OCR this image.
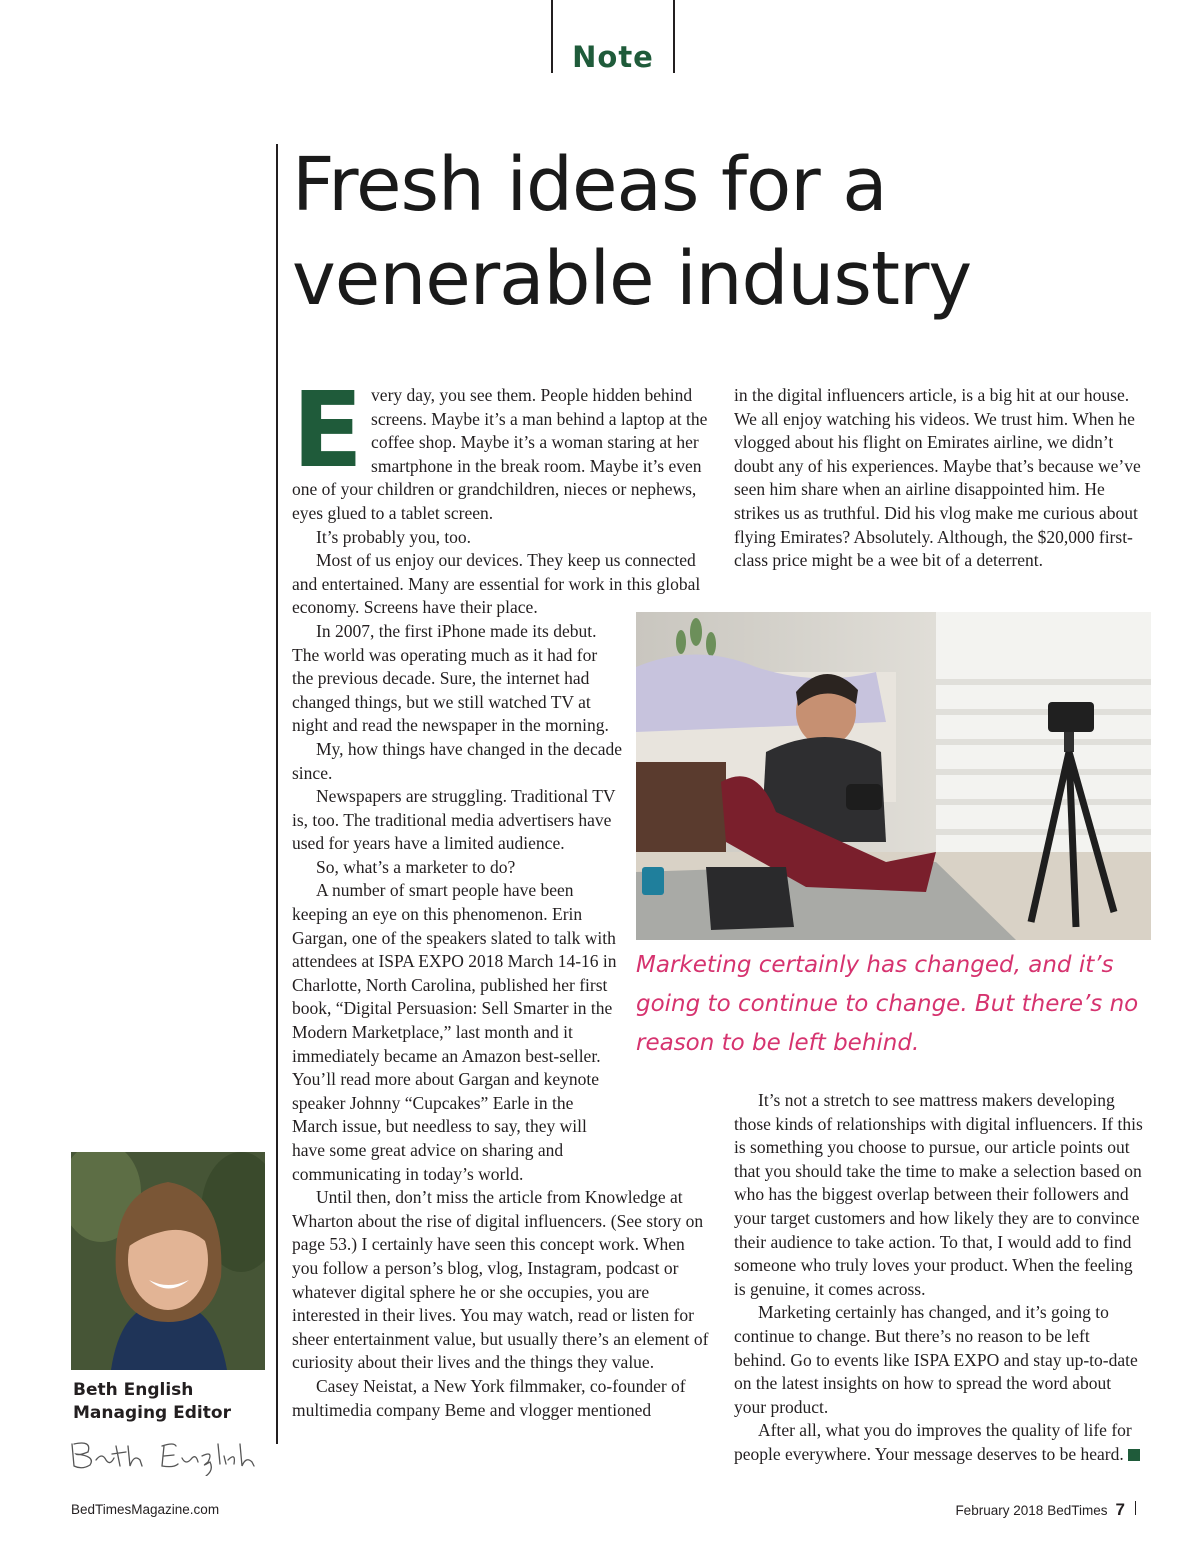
Note
Fresh ideas for a venerable industry

Every day, you see them. People hidden behind screens. Maybe it’s a man behind a laptop at the coffee shop. Maybe it’s a woman staring at her smartphone in the break room. Maybe it’s even one of your children or grandchildren, nieces or nephews, eyes glued to a tablet screen.

It’s probably you, too.

Most of us enjoy our devices. They keep us connected and entertained. Many are essential for work in this global economy. Screens have their place.

In 2007, the first iPhone made its debut. The world was operating much as it had for the previous decade. Sure, the internet had changed things, but we still watched TV at night and read the newspaper in the morning.

My, how things have changed in the decade since.

Newspapers are struggling. Traditional TV is, too. The traditional media advertisers have used for years have a limited audience.

So, what’s a marketer to do?

A number of smart people have been keeping an eye on this phenomenon. Erin Gargan, one of the speakers slated to talk with attendees at ISPA EXPO 2018 March 14-16 in Charlotte, North Carolina, published her first book, “Digital Persuasion: Sell Smarter in the Modern Marketplace,” last month and it immediately became an Amazon best-seller. You’ll read more about Gargan and keynote speaker Johnny “Cupcakes” Earle in the March issue, but needless to say, they will have some great advice on sharing and communicating in today’s world.

Until then, don’t miss the article from Knowledge at Wharton about the rise of digital influencers. (See story on page 53.) I certainly have seen this concept work. When you follow a person’s blog, vlog, Instagram, podcast or whatever digital sphere he or she occupies, you are interested in their lives. You may watch, read or listen for sheer entertainment value, but usually there’s an element of curiosity about their lives and the things they value.

Casey Neistat, a New York filmmaker, co-founder of multimedia company Beme and vlogger mentioned

in the digital influencers article, is a big hit at our house. We all enjoy watching his videos. We trust him. When he vlogged about his flight on Emirates airline, we didn’t doubt any of his experiences. Maybe that’s because we’ve seen him share when an airline disappointed him. He strikes us as truthful. Did his vlog make me curious about flying Emirates? Absolutely. Although, the $20,000 first-class price might be a wee bit of a deterrent.

Marketing certainly has changed, and it’s going to continue to change. But there’s no reason to be left behind.

It’s not a stretch to see mattress makers developing those kinds of relationships with digital influencers. If this is something you choose to pursue, our article points out that you should take the time to make a selection based on who has the biggest overlap between their followers and your target customers and how likely they are to convince their audience to take action. To that, I would add to find someone who truly loves your product. When the feeling is genuine, it comes across.

Marketing certainly has changed, and it’s going to continue to change. But there’s no reason to be left behind. Go to events like ISPA EXPO and stay up-to-date on the latest insights on how to spread the word about your product.

After all, what you do improves the quality of life for people everywhere. Your message deserves to be heard.

Beth English
Managing Editor
BedTimesMagazine.com	February 2018 BedTimes 7
